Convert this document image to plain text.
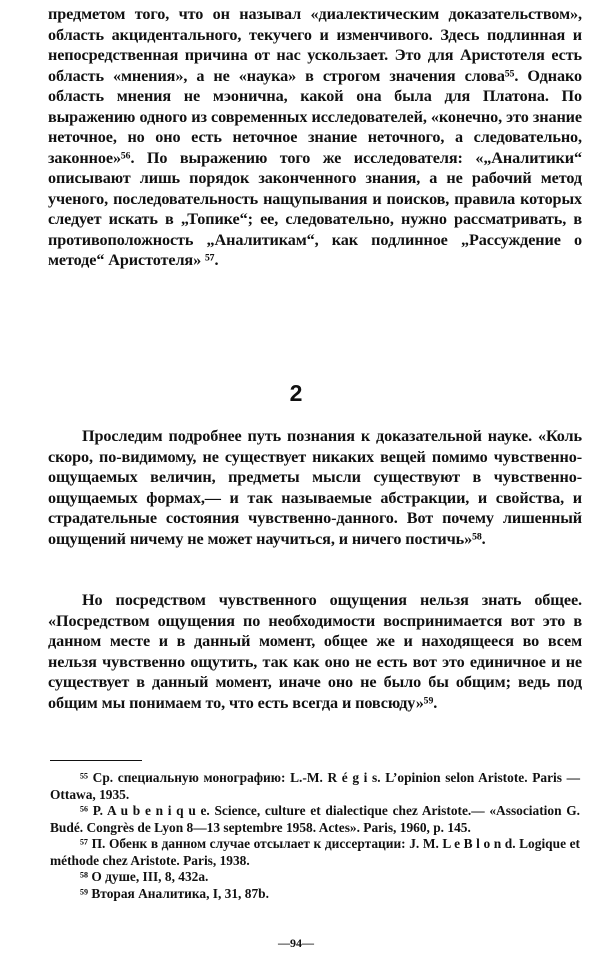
предметом того, что он называл «диалектическим доказательством», область акцидентального, текучего и изменчивого. Здесь подлинная и непосредственная причина от нас ускользает. Это для Аристотеля есть область «мнения», а не «наука» в строгом значения слова⁵⁵. Однако область мнения не мэонична, какой она была для Платона. По выражению одного из современных исследователей, «конечно, это знание неточное, но оно есть неточное знание неточного, а следовательно, законное»⁵⁶. По выражению того же исследователя: «„Аналитики“ описывают лишь порядок законченного знания, а не рабочий метод ученого, последовательность нащупывания и поисков, правила которых следует искать в „Топике“; ее, следовательно, нужно рассматривать, в противоположность „Аналитикам“, как подлинное „Рассуждение о методе“ Аристотеля» ⁵⁷.
2
Проследим подробнее путь познания к доказательной науке. «Коль скоро, по-видимому, не существует никаких вещей помимо чувственно-ощущаемых величин, предметы мысли существуют в чувственно-ощущаемых формах,— и так называемые абстракции, и свойства, и страдательные состояния чувственно-данного. Вот почему лишенный ощущений ничему не может научиться, и ничего постичь»⁵⁸.
Но посредством чувственного ощущения нельзя знать общее. «Посредством ощущения по необходимости воспринимается вот это в данном месте и в данный момент, общее же и находящееся во всем нельзя чувственно ощутить, так как оно не есть вот это единичное и не существует в данный момент, иначе оно не было бы общим; ведь под общим мы понимаем то, что есть всегда и повсюду»⁵⁹.
⁵⁵ Ср. специальную монографию: L.-M. R é g i s. L’opinion selon Aristote. Paris — Ottawa, 1935.
⁵⁶ P. A u b e n i q u e. Science, culture et dialectique chez Aristote.— «Association G. Budé. Congrès de Lyon 8—13 septembre 1958. Actes». Paris, 1960, p. 145.
⁵⁷ П. Обенк в данном случае отсылает к диссертации: J. M. L e B l o n d. Logique et méthode chez Aristote. Paris, 1938.
⁵⁸ О душе, III, 8, 432a.
⁵⁹ Вторая Аналитика, I, 31, 87b.
—94—
